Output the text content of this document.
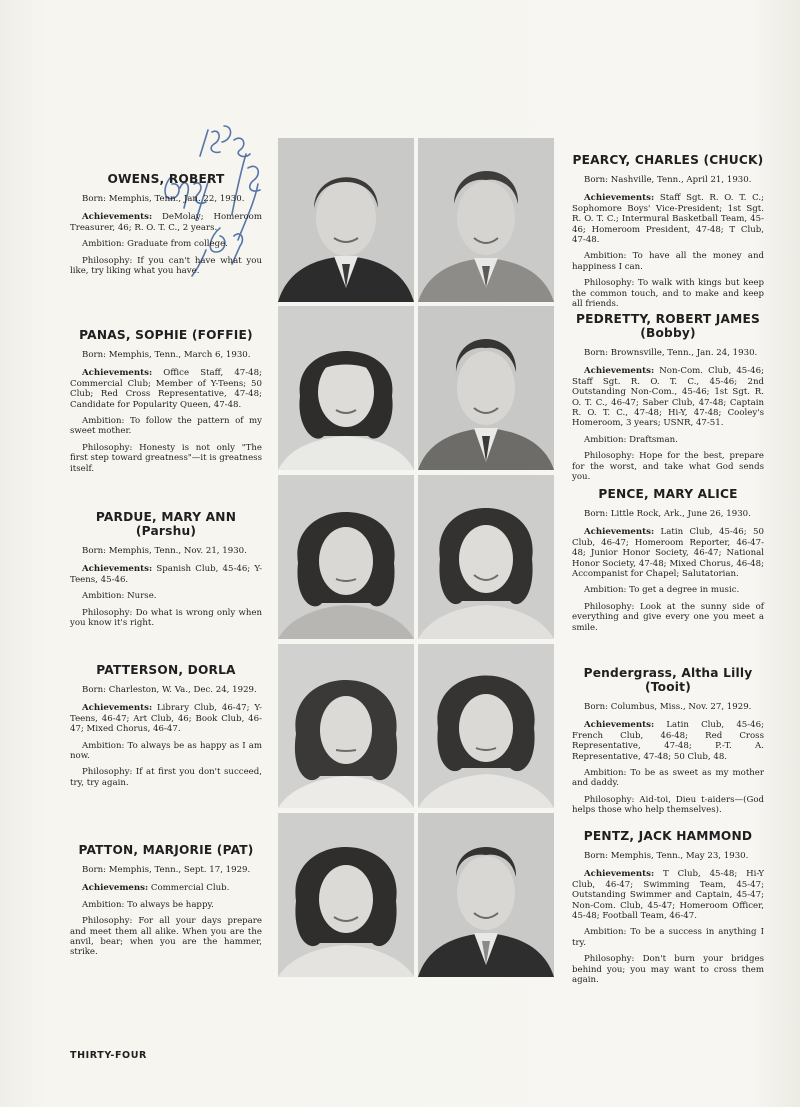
OWENS, ROBERT

Born: Memphis, Tenn., Jan. 22, 1930.

Achievements: DeMolay; Homeroom Treasurer, 46; R. O. T. C., 2 years.

Ambition: Graduate from college.

Philosophy: If you can't have what you like, try liking what you have.

PEARCY, CHARLES (CHUCK)

Born: Nashville, Tenn., April 21, 1930.

Achievements: Staff Sgt. R. O. T. C.; Sophomore Boys' Vice-President; 1st Sgt. R. O. T. C.; Intermural Basketball Team, 45-46; Homeroom President, 47-48; T Club, 47-48.

Ambition: To have all the money and happiness I can.

Philosophy: To walk with kings but keep the common touch, and to make and keep all friends.

PANAS, SOPHIE (FOFFIE)

Born: Memphis, Tenn., March 6, 1930.

Achievements: Office Staff, 47-48; Commercial Club; Member of Y-Teens; 50 Club; Red Cross Representative, 47-48; Candidate for Popularity Queen, 47-48.

Ambition: To follow the pattern of my sweet mother.

Philosophy: Honesty is not only "The first step toward greatness"—it is greatness itself.

PEDRETTY, ROBERT JAMES
(Bobby)

Born: Brownsville, Tenn., Jan. 24, 1930.

Achievements: Non-Com. Club, 45-46; Staff Sgt. R. O. T. C., 45-46; 2nd Outstanding Non-Com., 45-46; 1st Sgt. R. O. T. C., 46-47; Saber Club, 47-48; Captain R. O. T. C., 47-48; Hi-Y, 47-48; Cooley's Homeroom, 3 years; USNR, 47-51.

Ambition: Draftsman.

Philosophy: Hope for the best, prepare for the worst, and take what God sends you.

PARDUE, MARY ANN (Parshu)

Born: Memphis, Tenn., Nov. 21, 1930.

Achievements: Spanish Club, 45-46; Y-Teens, 45-46.

Ambition: Nurse.

Philosophy: Do what is wrong only when you know it's right.

PENCE, MARY ALICE

Born: Little Rock, Ark., June 26, 1930.

Achievements: Latin Club, 45-46; 50 Club, 46-47; Homeroom Reporter, 46-47-48; Junior Honor Society, 46-47; National Honor Society, 47-48; Mixed Chorus, 46-48; Accompanist for Chapel; Salutatorian.

Ambition: To get a degree in music.

Philosophy: Look at the sunny side of everything and give every one you meet a smile.

PATTERSON, DORLA

Born: Charleston, W. Va., Dec. 24, 1929.

Achievements: Library Club, 46-47; Y-Teens, 46-47; Art Club, 46; Book Club, 46-47; Mixed Chorus, 46-47.

Ambition: To always be as happy as I am now.

Philosophy: If at first you don't succeed, try, try again.

Pendergrass, Altha Lilly (Tooit)

Born: Columbus, Miss., Nov. 27, 1929.

Achievements: Latin Club, 45-46; French Club, 46-48; Red Cross Representative, 47-48; P.-T. A. Representative, 47-48; 50 Club, 48.

Ambition: To be as sweet as my mother and daddy.

Philosophy: Aid-toi, Dieu t-aiders—(God helps those who help themselves).

PATTON, MARJORIE (PAT)

Born: Memphis, Tenn., Sept. 17, 1929.

Achievemens: Commercial Club.

Ambition: To always be happy.

Philosophy: For all your days prepare and meet them all alike. When you are the anvil, bear; when you are the hammer, strike.

PENTZ, JACK HAMMOND

Born: Memphis, Tenn., May 23, 1930.

Achievements: T Club, 45-48; Hi-Y Club, 46-47; Swimming Team, 45-47; Outstanding Swimmer and Captain, 45-47; Non-Com. Club, 45-47; Homeroom Officer, 45-48; Football Team, 46-47.

Ambition: To be a success in anything I try.

Philosophy: Don't burn your bridges behind you; you may want to cross them again.

THIRTY-FOUR
